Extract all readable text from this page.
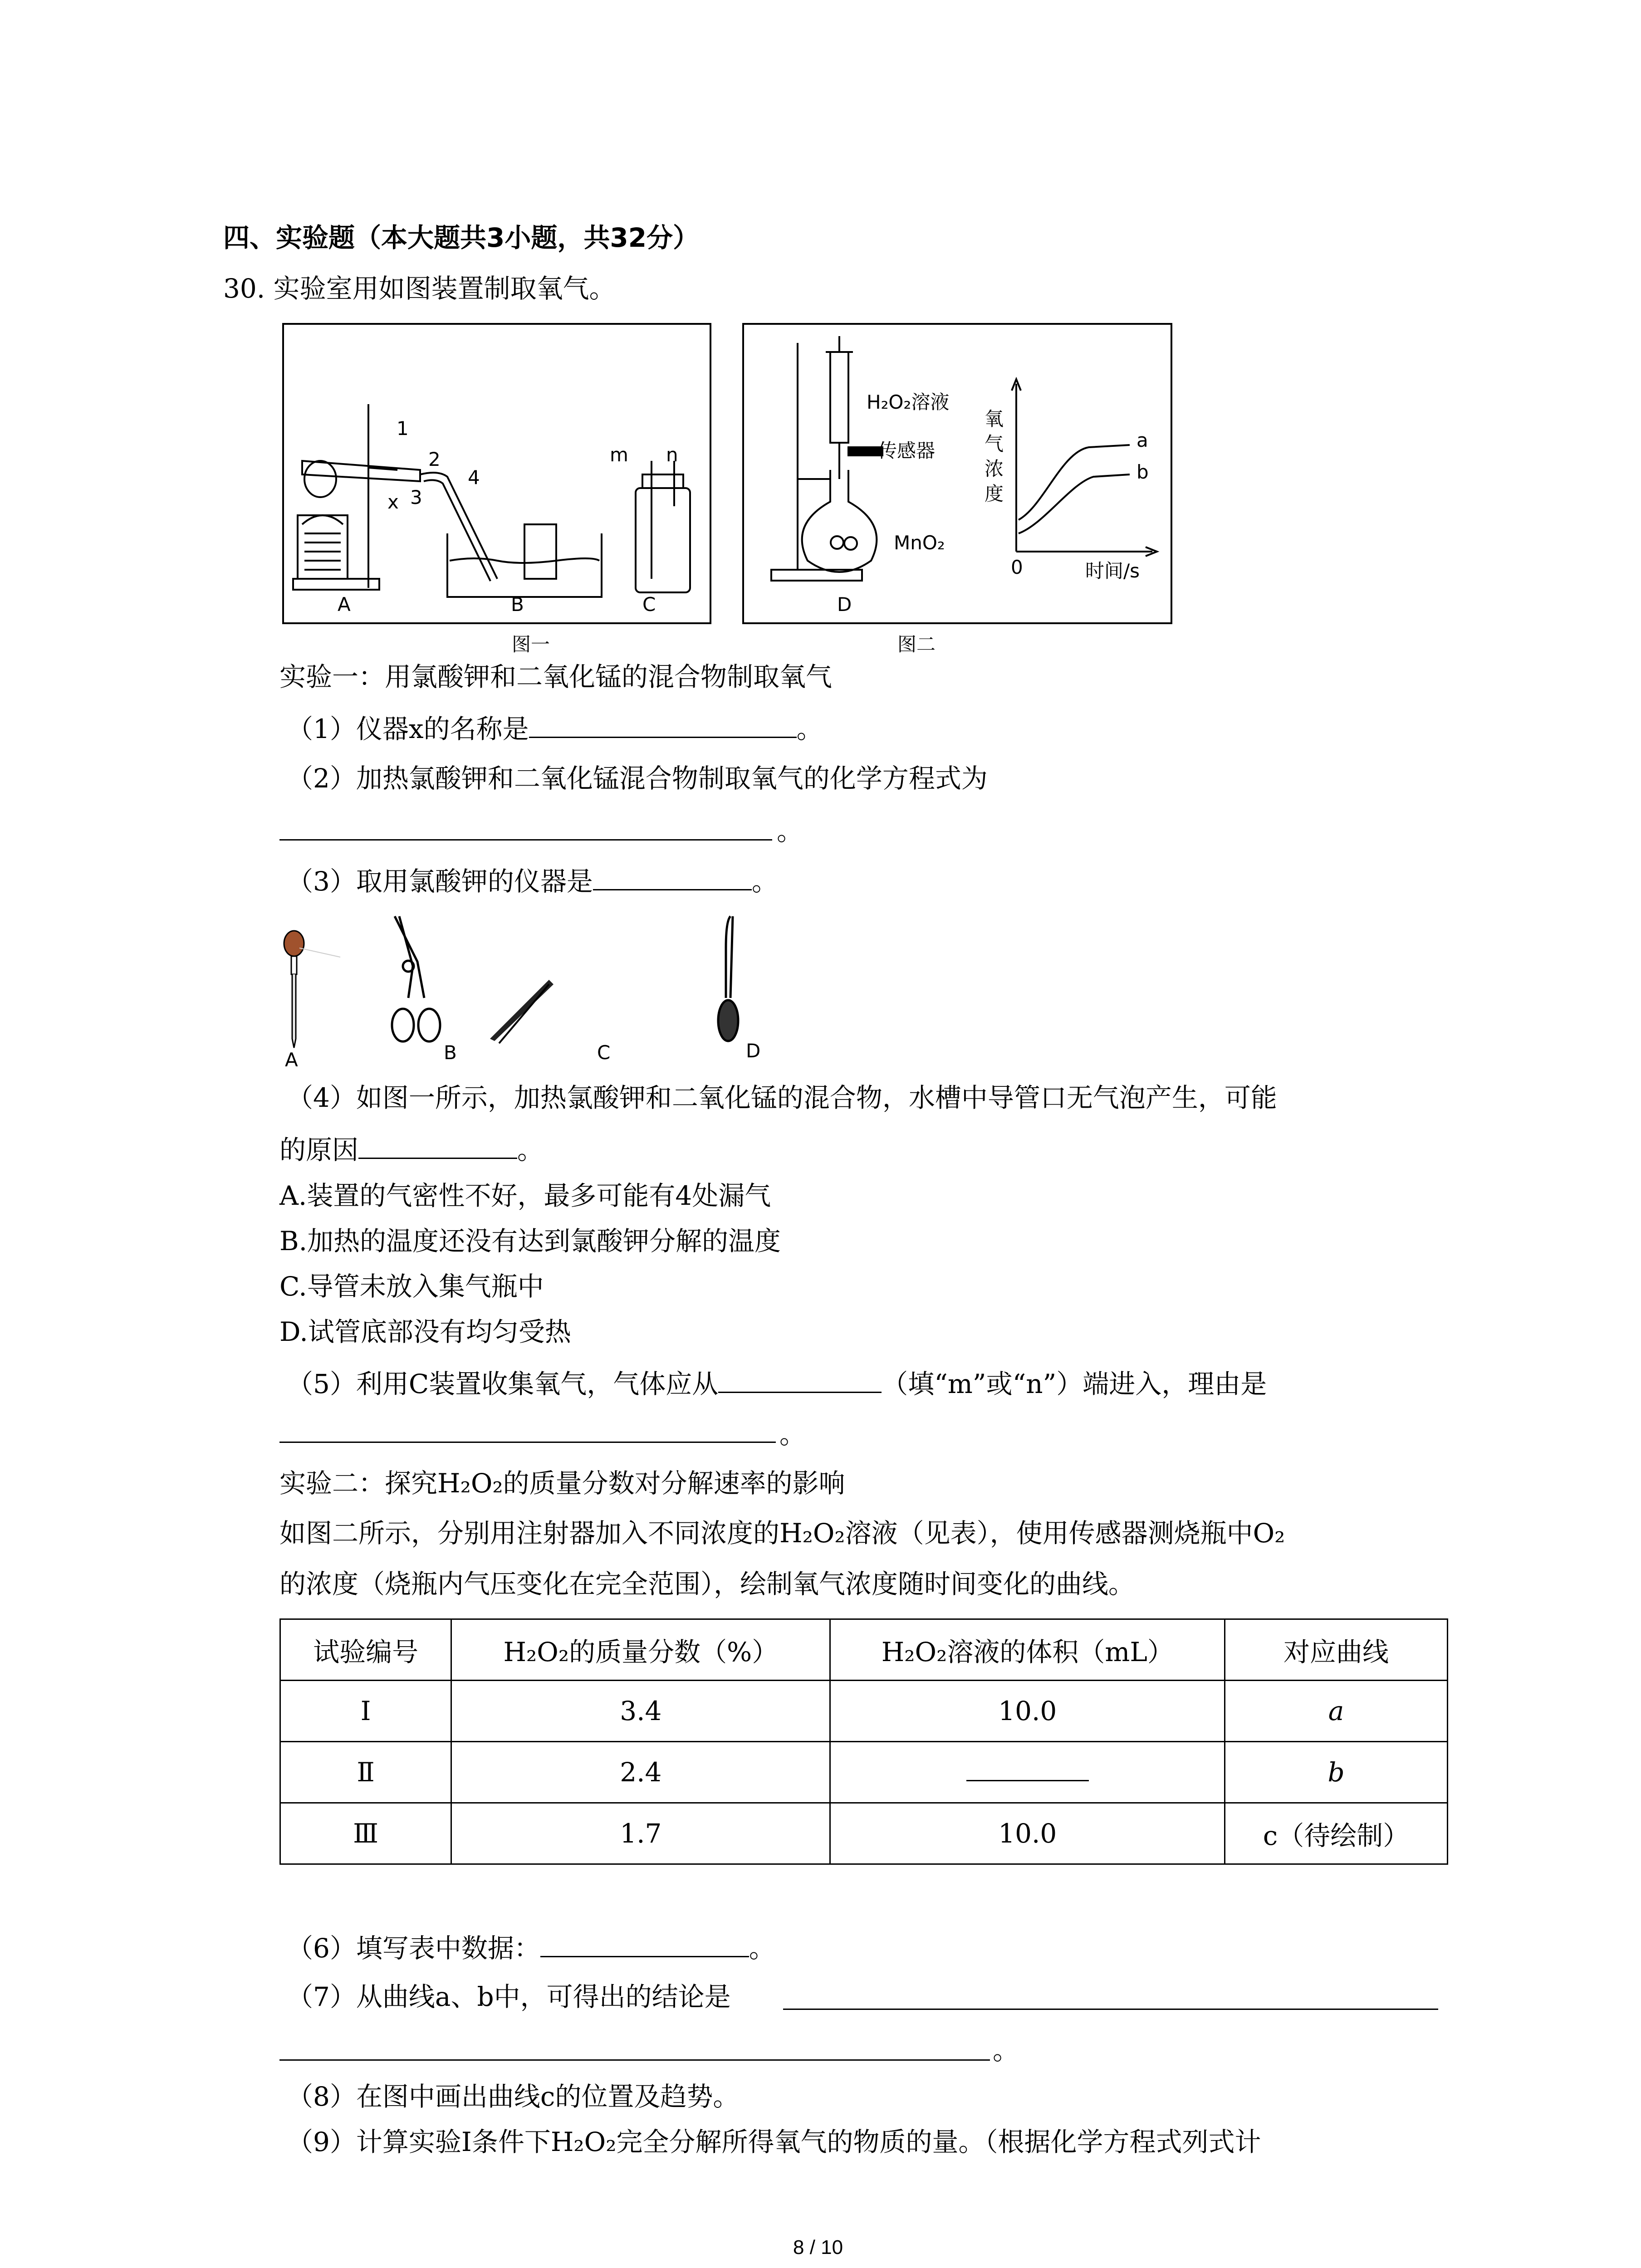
四、实验题（本大题共3小题，共32分）
30. 实验室用如图装置制取氧气。
1
2
3
4
x
m n
A	B	C
图一
H₂O₂溶液
传感器
MnO₂
D
氧
气
浓
度
0	时间/s
a
b
图二
实验一：用氯酸钾和二氧化锰的混合物制取氧气
（1）仪器x的名称是	。
（2）加热氯酸钾和二氧化锰混合物制取氧气的化学方程式为
。
（3）取用氯酸钾的仪器是	。
A	B	C	D
（4）如图一所示，加热氯酸钾和二氧化锰的混合物，水槽中导管口无气泡产生，可能
的原因	。
A.装置的气密性不好，最多可能有4处漏气
B.加热的温度还没有达到氯酸钾分解的温度
C.导管未放入集气瓶中
D.试管底部没有均匀受热
（5）利用C装置收集氧气，气体应从	（填“m”或“n”）端进入，理由是
。
实验二：探究H₂O₂的质量分数对分解速率的影响
如图二所示，分别用注射器加入不同浓度的H₂O₂溶液（见表），使用传感器测烧瓶中O₂
的浓度（烧瓶内气压变化在完全范围），绘制氧气浓度随时间变化的曲线。
试验编号	H₂O₂的质量分数（%）	H₂O₂溶液的体积（mL）	对应曲线
Ⅰ	3.4	10.0	a
Ⅱ	2.4		b
Ⅲ	1.7	10.0	c（待绘制）
（6）填写表中数据：	。
（7）从曲线a、b中，可得出的结论是
。
（8）在图中画出曲线c的位置及趋势。
（9）计算实验Ⅰ条件下H₂O₂完全分解所得氧气的物质的量。（根据化学方程式列式计
8 / 10
